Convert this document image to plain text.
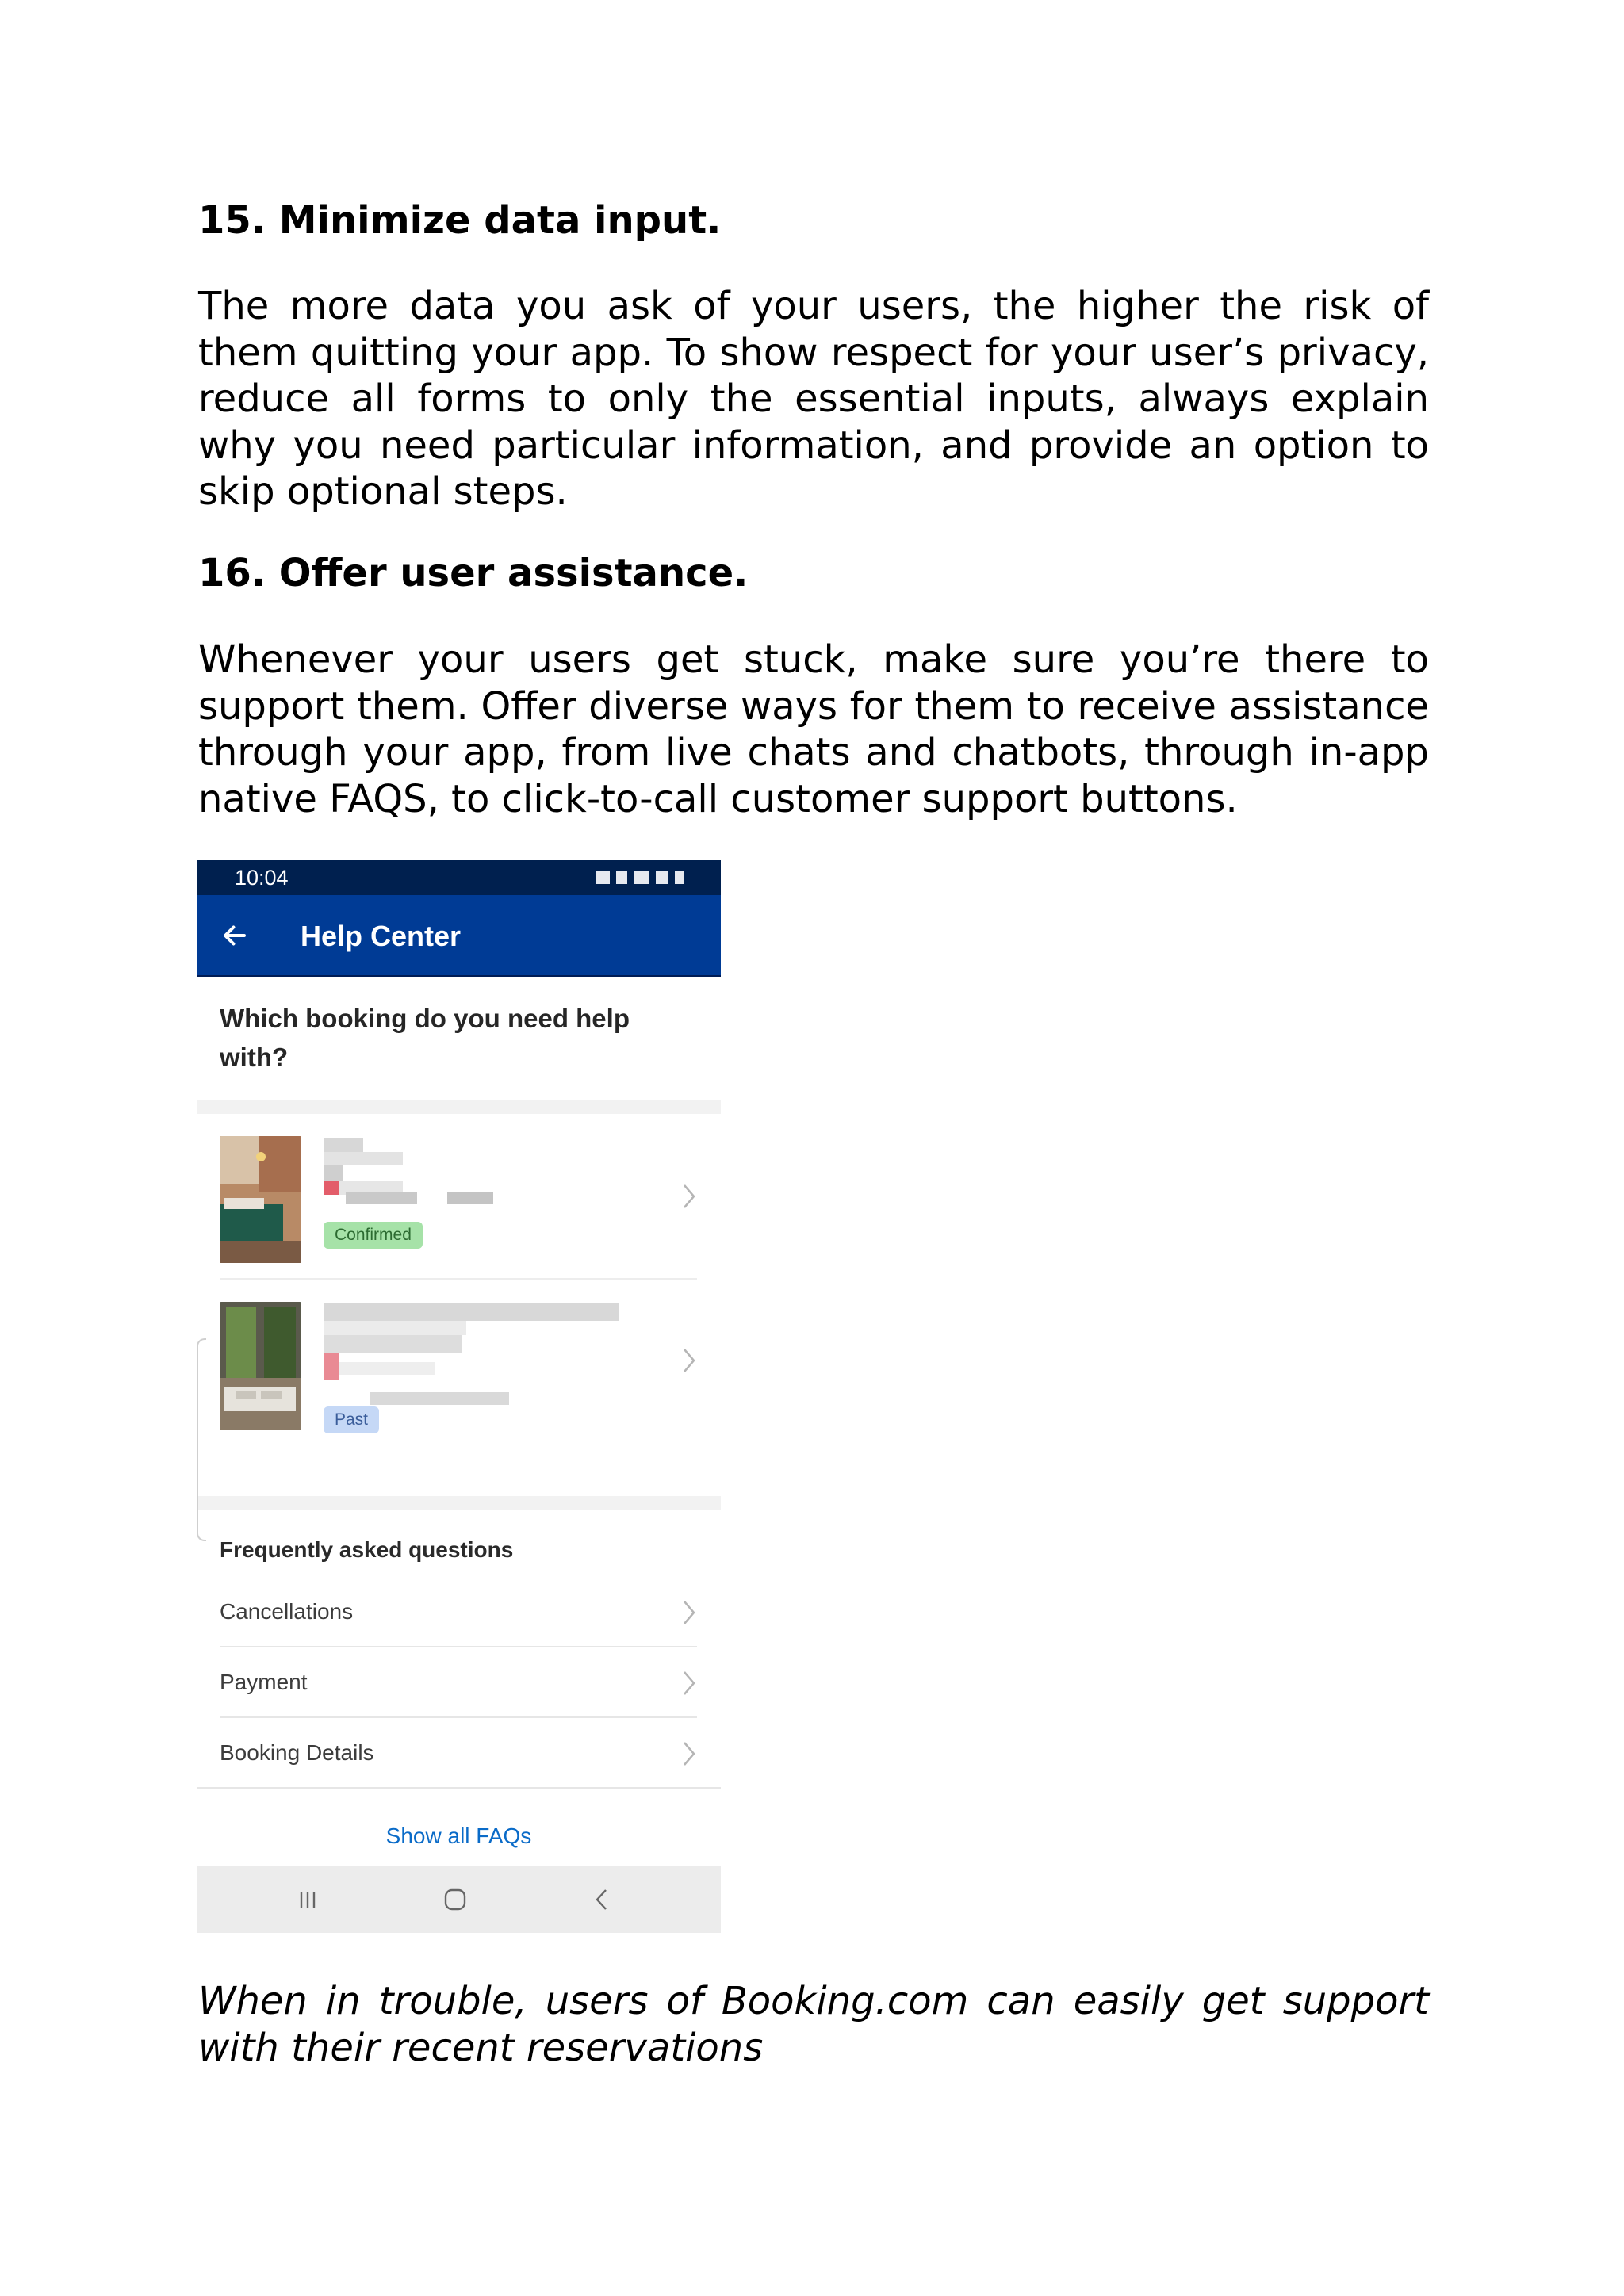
15. Minimize data input.

The more data you ask of your users, the higher the risk of them quitting your app. To show respect for your user’s privacy, reduce all forms to only the essential inputs, always explain why you need particular information, and provide an option to skip optional steps.

16. Offer user assistance.

Whenever your users get stuck, make sure you’re there to support them. Offer diverse ways for them to receive assistance through your app, from live chats and chatbots, through in-app native FAQS, to click-to-call customer support buttons.

10:04
Help Center
Which booking do you need help with?
Confirmed
Past
Frequently asked questions
Cancellations
Payment
Booking Details
Show all FAQs

When in trouble, users of Booking.com can easily get support with their recent reservations
